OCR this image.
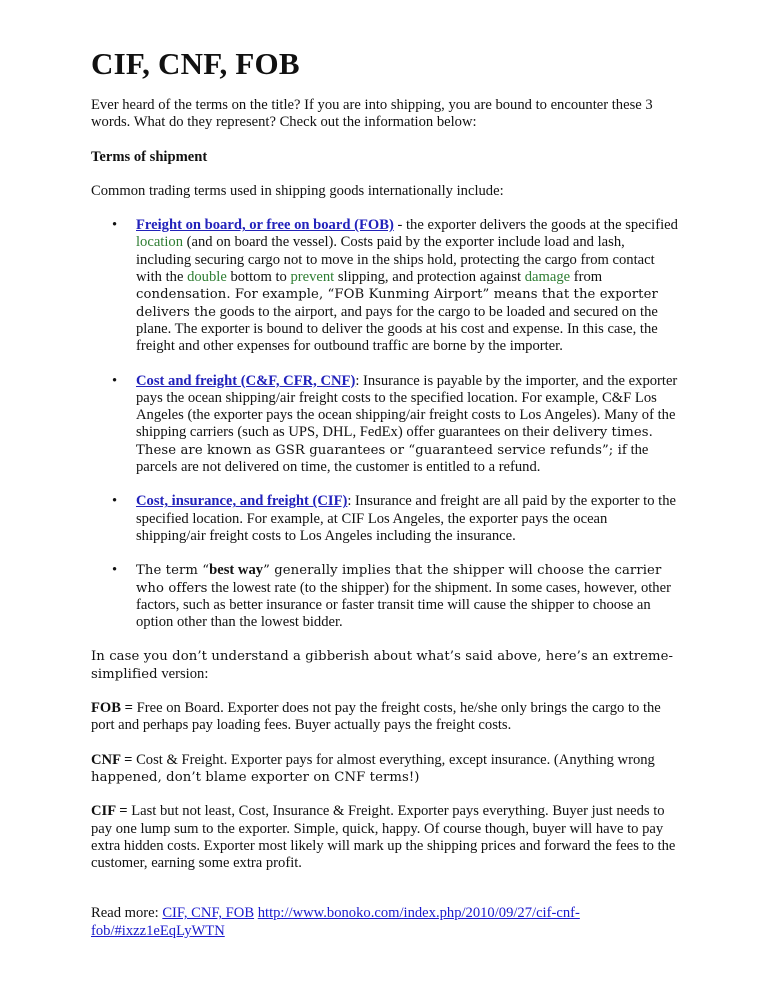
CIF, CNF, FOB

Ever heard of the terms on the title? If you are into shipping, you are bound to encounter these 3 words. What do they represent? Check out the information below:

Terms of shipment

Common trading terms used in shipping goods internationally include:

• Freight on board, or free on board (FOB) - the exporter delivers the goods at the specified location (and on board the vessel). Costs paid by the exporter include load and lash, including securing cargo not to move in the ships hold, protecting the cargo from contact with the double bottom to prevent slipping, and protection against damage from condensation. For example, “FOB Kunming Airport” means that the exporter delivers the goods to the airport, and pays for the cargo to be loaded and secured on the plane. The exporter is bound to deliver the goods at his cost and expense. In this case, the freight and other expenses for outbound traffic are borne by the importer.
• Cost and freight (C&F, CFR, CNF): Insurance is payable by the importer, and the exporter pays the ocean shipping/air freight costs to the specified location. For example, C&F Los Angeles (the exporter pays the ocean shipping/air freight costs to Los Angeles). Many of the shipping carriers (such as UPS, DHL, FedEx) offer guarantees on their delivery times. These are known as GSR guarantees or “guaranteed service refunds”; if the parcels are not delivered on time, the customer is entitled to a refund.
• Cost, insurance, and freight (CIF): Insurance and freight are all paid by the exporter to the specified location. For example, at CIF Los Angeles, the exporter pays the ocean shipping/air freight costs to Los Angeles including the insurance.
• The term “best way” generally implies that the shipper will choose the carrier who offers the lowest rate (to the shipper) for the shipment. In some cases, however, other factors, such as better insurance or faster transit time will cause the shipper to choose an option other than the lowest bidder.

In case you don’t understand a gibberish about what’s said above, here’s an extreme-simplified version:

FOB = Free on Board. Exporter does not pay the freight costs, he/she only brings the cargo to the port and perhaps pay loading fees. Buyer actually pays the freight costs.

CNF = Cost & Freight. Exporter pays for almost everything, except insurance. (Anything wrong happened, don’t blame exporter on CNF terms!)

CIF = Last but not least, Cost, Insurance & Freight. Exporter pays everything. Buyer just needs to pay one lump sum to the exporter. Simple, quick, happy. Of course though, buyer will have to pay extra hidden costs. Exporter most likely will mark up the shipping prices and forward the fees to the customer, earning some extra profit.

Read more: CIF, CNF, FOB http://www.bonoko.com/index.php/2010/09/27/cif-cnf-fob/#ixzz1eEqLyWTN
